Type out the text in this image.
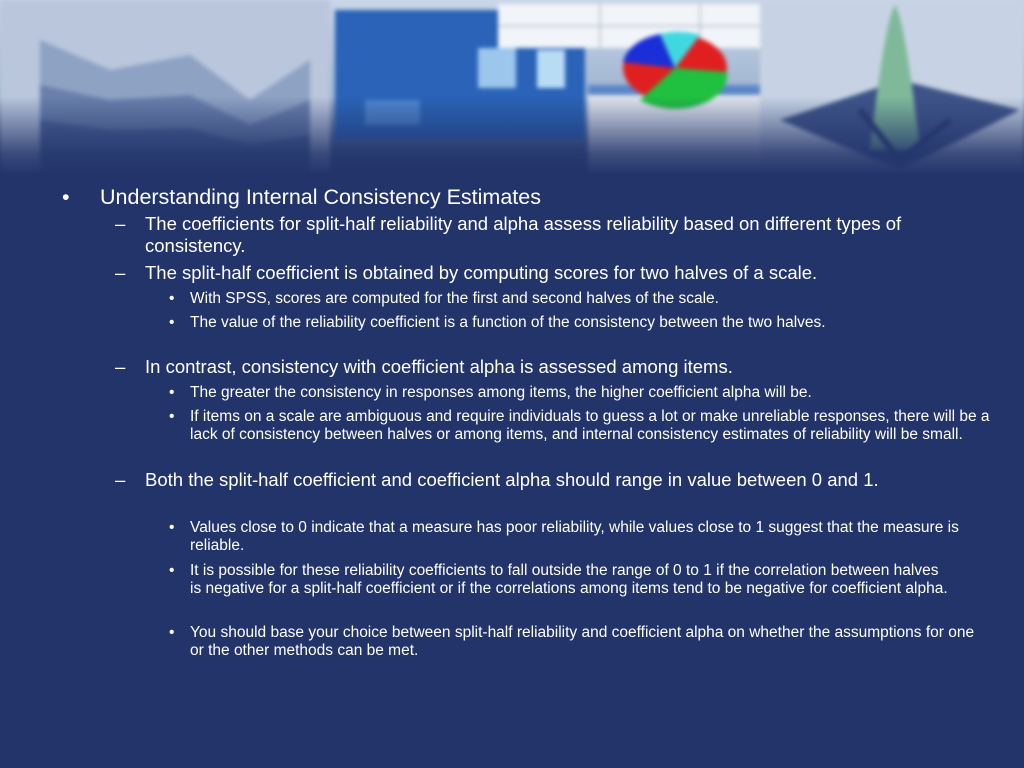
• Understanding Internal Consistency Estimates
– The coefficients for split-half reliability and alpha assess reliability based on different types of consistency.
– The split-half coefficient is obtained by computing scores for two halves of a scale.
• With SPSS, scores are computed for the first and second halves of the scale.
• The value of the reliability coefficient is a function of the consistency between the two halves.
– In contrast, consistency with coefficient alpha is assessed among items.
• The greater the consistency in responses among items, the higher coefficient alpha will be.
• If items on a scale are ambiguous and require individuals to guess a lot or make unreliable responses, there will be a lack of consistency between halves or among items, and internal consistency estimates of reliability will be small.
– Both the split-half coefficient and coefficient alpha should range in value between 0 and 1.
• Values close to 0 indicate that a measure has poor reliability, while values close to 1 suggest that the measure is reliable.
• It is possible for these reliability coefficients to fall outside the range of 0 to 1 if the correlation between halves is negative for a split-half coefficient or if the correlations among items tend to be negative for coefficient alpha.
• You should base your choice between split-half reliability and coefficient alpha on whether the assumptions for one or the other methods can be met.
